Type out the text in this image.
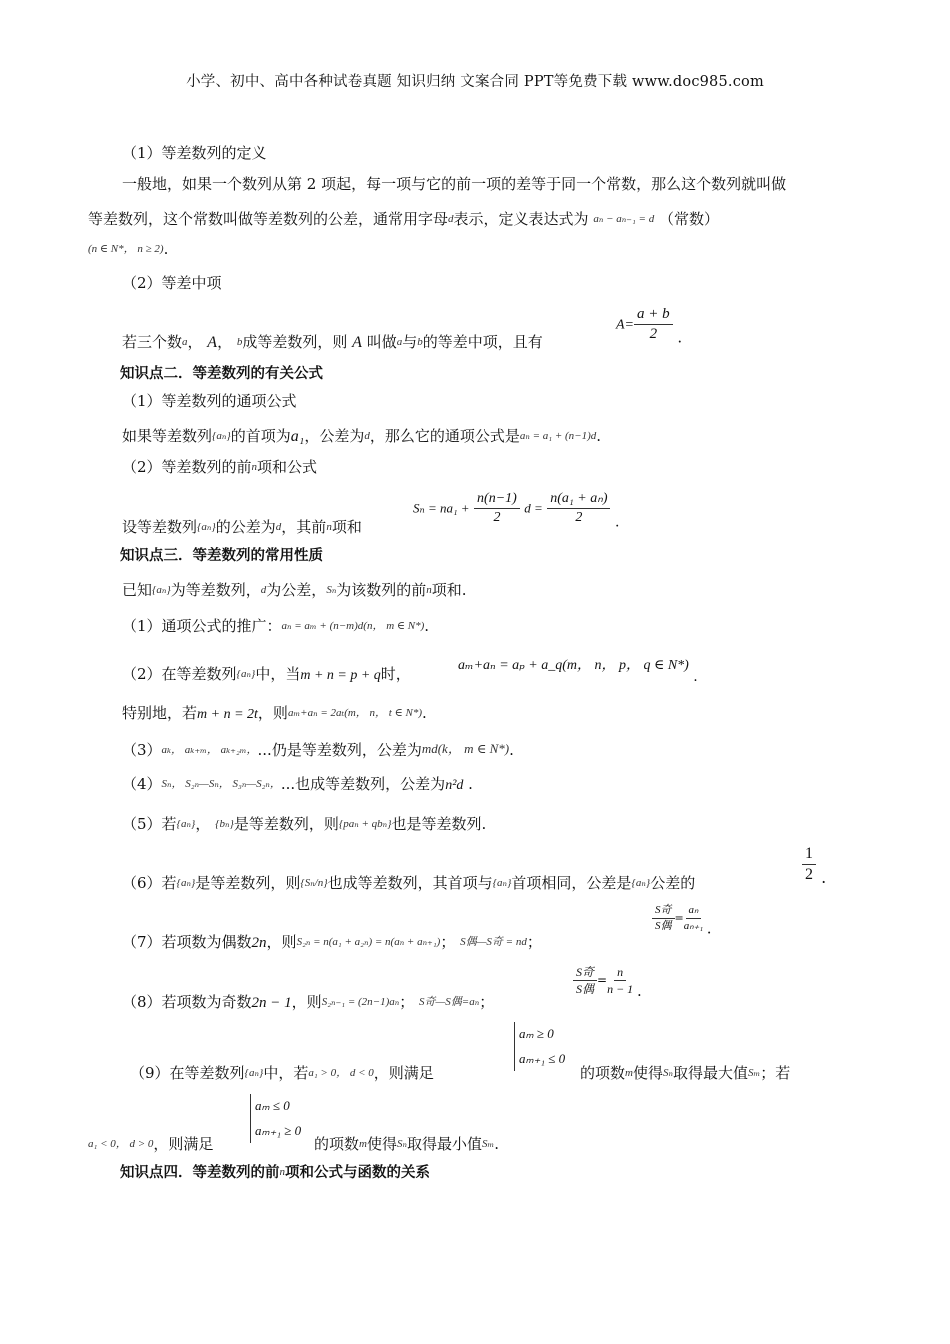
小学、初中、高中各种试卷真题 知识归纳 文案合同 PPT等免费下载 www.doc985.com
（1）等差数列的定义
一般地，如果一个数列从第 2 项起，每一项与它的前一项的差等于同一个常数，那么这个数列就叫做
等差数列，这个常数叫做等差数列的公差，通常用字母d表示，定义表达式为 aₙ − aₙ₋₁ = d （常数）
(n ∈ N*， n ≥ 2).
（2）等差中项
若三个数a， A， b成等差数列，则 A 叫做a与b的等差中项，且有
$A= \frac{a + b}{2}$ .
知识点二．等差数列的有关公式
（1）等差数列的通项公式
如果等差数列{aₙ}的首项为a₁，公差为d，那么它的通项公式是aₙ = a₁ + (n−1)d.
（2）等差数列的前n项和公式
设等差数列{aₙ}的公差为d，其前n项和
$S_n = na_1 + \frac{n(n-1)}{2}$ $d = \frac{\text{n(a₁ + aₙ)}}{2}$ .
知识点三．等差数列的常用性质
已知{aₙ}为等差数列，d为公差，Sₙ为该数列的前n项和.
（1）通项公式的推广：aₙ = aₘ + (n−m)d(n， m ∈ N*).
（2）在等差数列{aₙ}中，当m + n = p + q时，	aₘ+aₙ = aₚ + a_q(m， n， p， q ∈ N*) .
特别地，若m + n = 2t，则aₘ+aₙ = 2aₜ(m， n， t ∈ N*).
（3）aₖ， aₖ₊ₘ， aₖ₊₂ₘ，...仍是等差数列，公差为md(k， m ∈ N*).
（4）Sₙ， S₂ₙ—Sₙ， S₃ₙ—S₂ₙ，...也成等差数列，公差为n²d .
（5）若{aₙ}， {bₙ}是等差数列，则{paₙ + qbₙ}也是等差数列.
（6）若{aₙ}是等差数列，则{Sₙ/n}也成等差数列，其首项与{aₙ}首项相同，公差是{aₙ}公差的	$\frac{1}{2}$ .
（7）若项数为偶数2n，则S₂ₙ = n(a₁ + a₂ₙ) = n(aₙ + aₙ₊₁)； S偶—S奇 = nd；
$\frac{\text{S奇}}{\text{S偶}} = \frac{\text{aₙ}}{\text{aₙ₊₁}}$ .
（8）若项数为奇数2n − 1，则S₂ₙ₋₁ = (2n−1)aₙ； S奇—S偶=aₙ；
$\frac{\text{S奇}}{\text{S偶}} = \frac{n}{n - 1}$ .
（9）在等差数列{aₙ}中，若a₁ > 0， d < 0，则满足
aₘ ≥ 0
aₘ₊₁ ≤ 0
的项数m使得Sₙ取得最大值Sₘ；若
a₁ < 0， d > 0，则满足
aₘ ≤ 0
aₘ₊₁ ≥ 0
的项数m使得Sₙ取得最小值Sₘ.
知识点四．等差数列的前n项和公式与函数的关系
